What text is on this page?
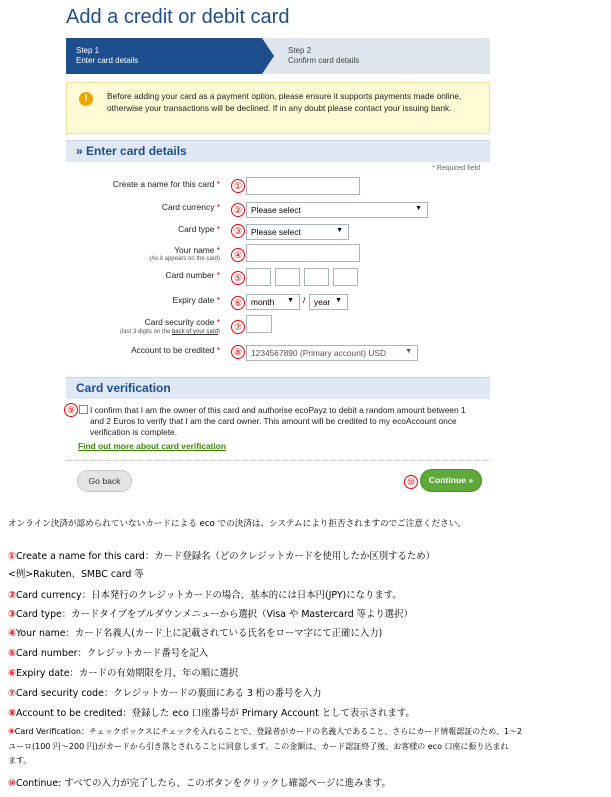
Add a credit or debit card
Step 1
Enter card details
Step 2
Confirm card details
!	Before adding your card as a payment option, please ensure it supports payments made online, otherwise your transactions will be declined. If in any doubt please contact your issuing bank.
» Enter card details
* Required field
Create a name for this card *	①
Card currency *	②	Please select	▼
Card type *	③	Please select	▼
Your name *
(As it appears on the card)	④
Card number *	⑤
Expiry date *	⑥	month ▼ /	year ▼
Card security code *
(last 3 digits on the back of your card)	⑦
Account to be credited *	⑧	1234567890 (Primary account) USD	▼
Card verification
⑨	I confirm that I am the owner of this card and authorise ecoPayz to debit a random amount between 1 and 2 Euros to verify that I am the card owner. This amount will be credited to my ecoAccount once verification is complete.
Find out more about card verification
Go back	⑩	Continue »
オンライン決済が認められていないカードによる eco での決済は、システムにより拒否されますのでご注意ください。
①Create a name for this card：カード登録名（どのクレジットカードを使用したか区別するため）
<例>Rakuten、SMBC card 等
②Card currency：日本発行のクレジットカードの場合、基本的には日本円(JPY)になります。
③Card type：カードタイプをプルダウンメニューから選択（Visa や Mastercard 等より選択）
④Your name：カード名義人(カード上に記載されている氏名をローマ字にて正確に入力)
⑤Card number：クレジットカード番号を記入
⑥Expiry date：カードの有効期限を月、年の順に選択
⑦Card security code：クレジットカードの裏面にある 3 桁の番号を入力
⑧Account to be credited：登録した eco 口座番号が Primary Account として表示されます。
⑨Card Verification：チェックボックスにチェックを入れることで、登録者がカードの名義人であること、さらにカード情報認証のため、1～2
ユーロ(100 円～200 円)がカードから引き落とされることに同意します。この金額は、カード認証終了後、お客様の eco 口座に振り込まれ
ます。
⑩Continue: すべての入力が完了したら、このボタンをクリックし確認ページに進みます。
